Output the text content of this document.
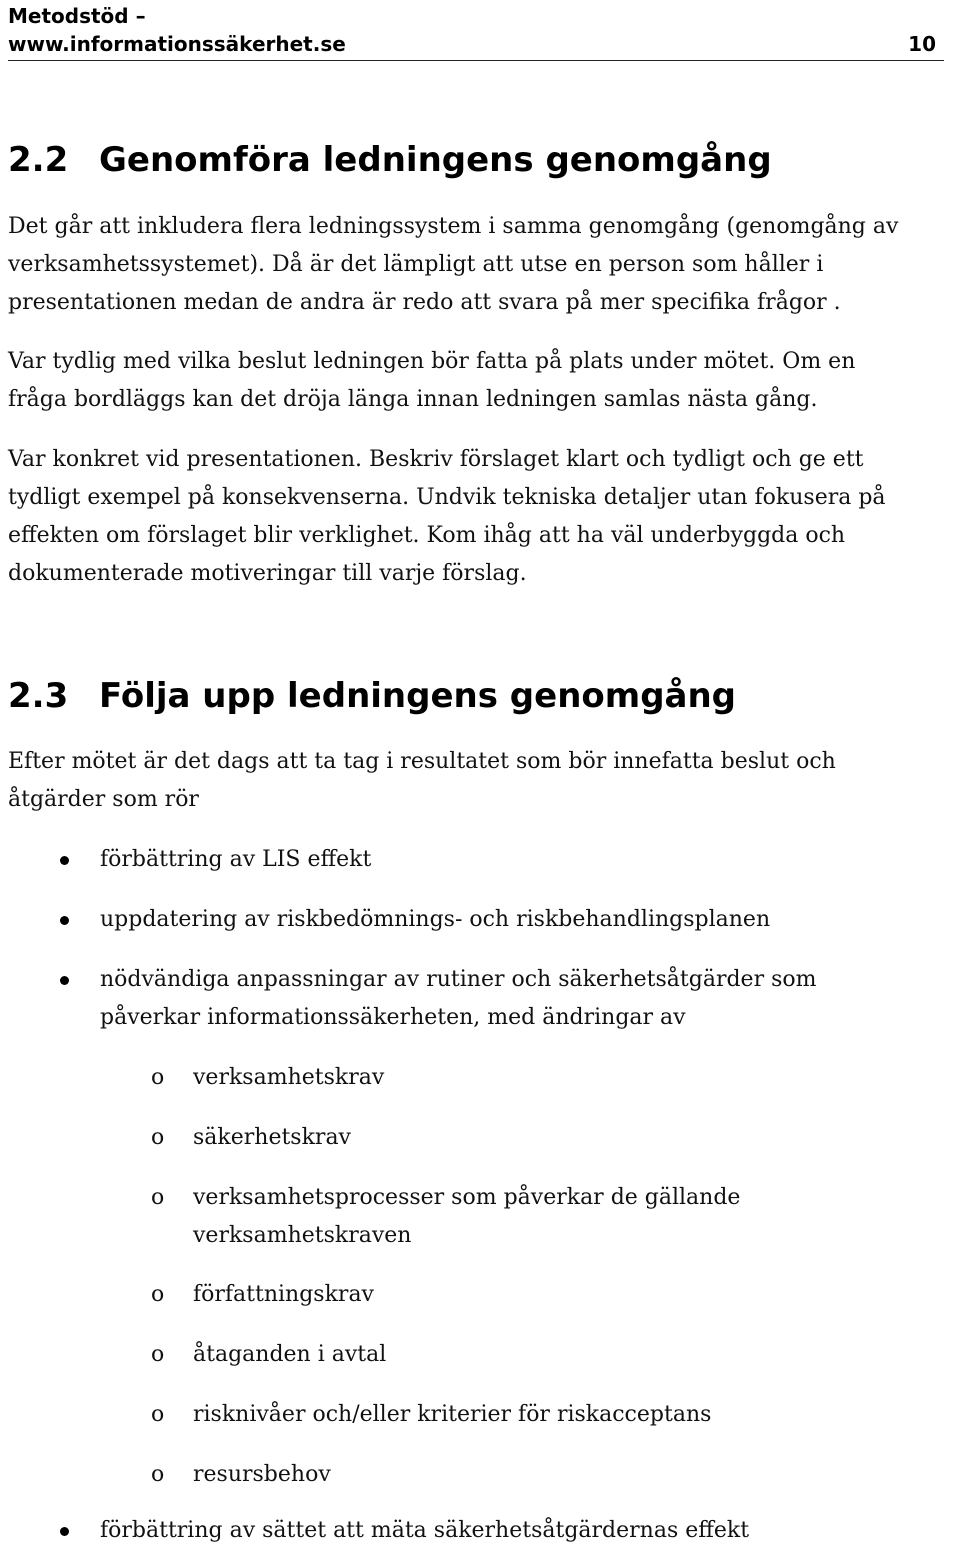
Metodstöd –
www.informationssäkerhet.se	10
2.2 Genomföra ledningens genomgång
Det går att inkludera flera ledningssystem i samma genomgång (genomgång av
verksamhetssystemet). Då är det lämpligt att utse en person som håller i
presentationen medan de andra är redo att svara på mer specifika frågor .
Var tydlig med vilka beslut ledningen bör fatta på plats under mötet. Om en
fråga bordläggs kan det dröja länga innan ledningen samlas nästa gång.
Var konkret vid presentationen. Beskriv förslaget klart och tydligt och ge ett
tydligt exempel på konsekvenserna. Undvik tekniska detaljer utan fokusera på
effekten om förslaget blir verklighet. Kom ihåg att ha väl underbyggda och
dokumenterade motiveringar till varje förslag.
2.3 Följa upp ledningens genomgång
Efter mötet är det dags att ta tag i resultatet som bör innefatta beslut och
åtgärder som rör
förbättring av LIS effekt
uppdatering av riskbedömnings- och riskbehandlingsplanen
nödvändiga anpassningar av rutiner och säkerhetsåtgärder som
påverkar informationssäkerheten, med ändringar av
o verksamhetskrav
o säkerhetskrav
o verksamhetsprocesser som påverkar de gällande
verksamhetskraven
o författningskrav
o åtaganden i avtal
o risknivåer och/eller kriterier för riskacceptans
o resursbehov
förbättring av sättet att mäta säkerhetsåtgärdernas effekt
